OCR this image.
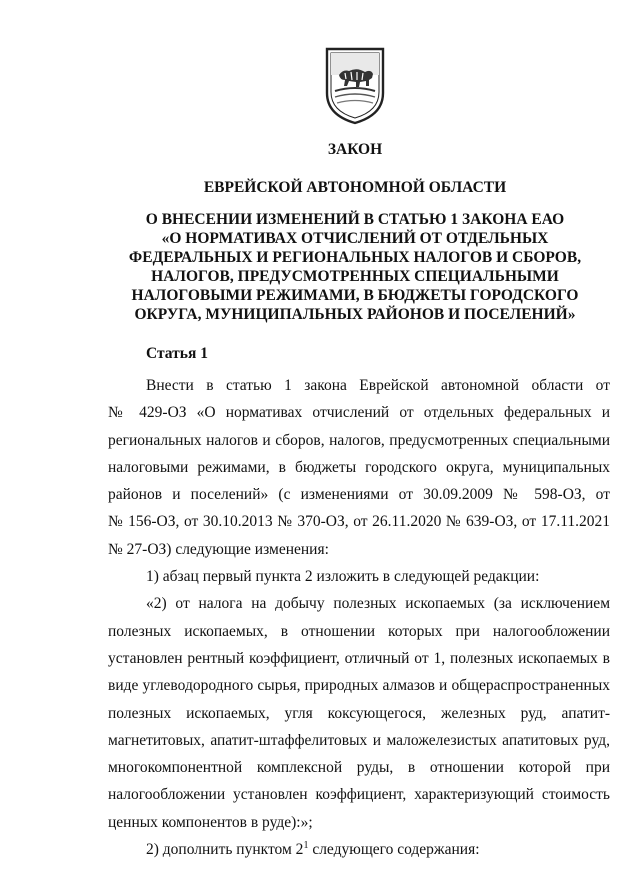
ЗАКОН
ЕВРЕЙСКОЙ АВТОНОМНОЙ ОБЛАСТИ
О ВНЕСЕНИИ ИЗМЕНЕНИЙ В СТАТЬЮ 1 ЗАКОНА ЕАО
«О НОРМАТИВАХ ОТЧИСЛЕНИЙ ОТ ОТДЕЛЬНЫХ
ФЕДЕРАЛЬНЫХ И РЕГИОНАЛЬНЫХ НАЛОГОВ И СБОРОВ,
НАЛОГОВ, ПРЕДУСМОТРЕННЫХ СПЕЦИАЛЬНЫМИ
НАЛОГОВЫМИ РЕЖИМАМИ, В БЮДЖЕТЫ ГОРОДСКОГО
ОКРУГА, МУНИЦИПАЛЬНЫХ РАЙОНОВ И ПОСЕЛЕНИЙ»
Статья 1
Внести в статью 1 закона Еврейской автономной области от
№ 429-ОЗ «О нормативах отчислений от отдельных федеральных и
региональных налогов и сборов, налогов, предусмотренных специальными
налоговыми режимами, в бюджеты городского округа, муниципальных
районов и поселений» (с изменениями от 30.09.2009 № 598-ОЗ, от
№ 156-ОЗ, от 30.10.2013 № 370-ОЗ, от 26.11.2020 № 639-ОЗ, от 17.11.2021
№ 27-ОЗ) следующие изменения:
1) абзац первый пункта 2 изложить в следующей редакции:
«2) от налога на добычу полезных ископаемых (за исключением
полезных ископаемых, в отношении которых при налогообложении
установлен рентный коэффициент, отличный от 1, полезных ископаемых в
виде углеводородного сырья, природных алмазов и общераспространенных
полезных ископаемых, угля коксующегося, железных руд, апатит-
магнетитовых, апатит-штаффелитовых и маложелезистых апатитовых руд,
многокомпонентной комплексной руды, в отношении которой при
налогообложении установлен коэффициент, характеризующий стоимость
ценных компонентов в руде):»;
2) дополнить пунктом $2^1$ следующего содержания:
